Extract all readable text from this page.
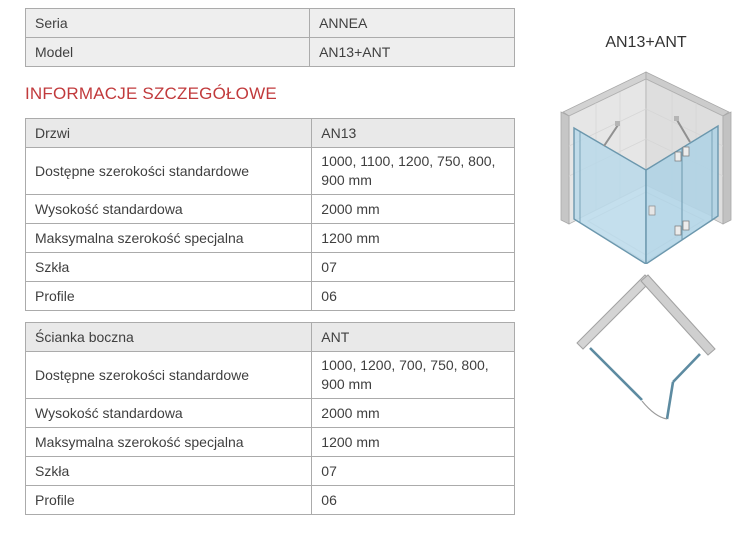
Seria	ANNEA
Model	AN13+ANT
INFORMACJE SZCZEGÓŁOWE
Drzwi	AN13
Dostępne szerokości standardowe	1000, 1100, 1200, 750, 800, 900 mm
Wysokość standardowa	2000 mm
Maksymalna szerokość specjalna	1200 mm
Szkła	07
Profile	06
Ścianka boczna	ANT
Dostępne szerokości standardowe	1000, 1200, 700, 750, 800, 900 mm
Wysokość standardowa	2000 mm
Maksymalna szerokość specjalna	1200 mm
Szkła	07
Profile	06
AN13+ANT
